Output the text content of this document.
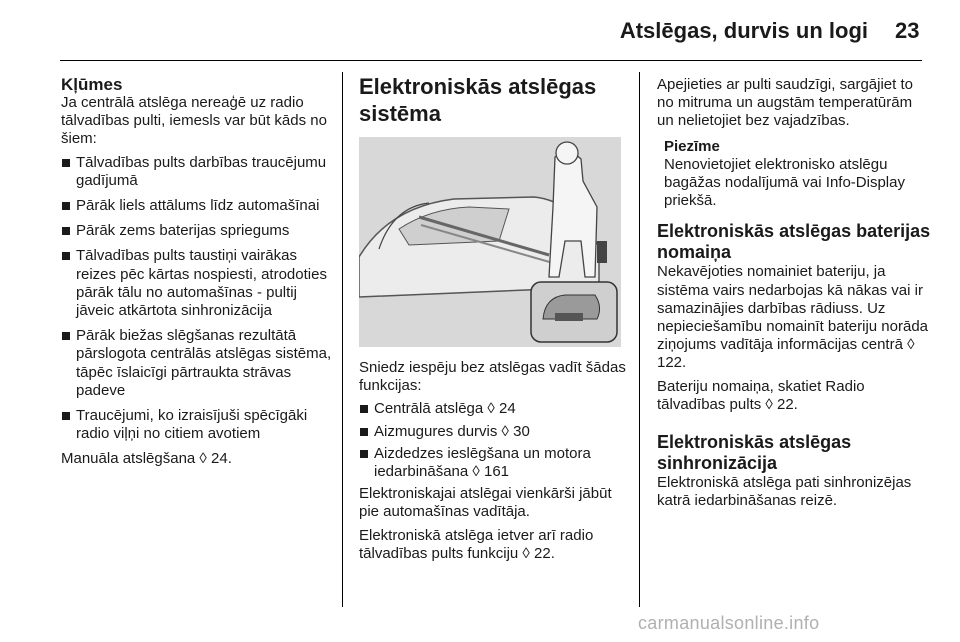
Atslēgas, durvis un logi 23
Kļūmes

Ja centrālā atslēga nereaģē uz radio tālvadības pulti, iemesls var būt kāds no šiem:

Tālvadības pults darbības traucējumu gadījumā
Pārāk liels attālums līdz automašīnai
Pārāk zems baterijas spriegums
Tālvadības pults taustiņi vairākas reizes pēc kārtas nospiesti, atrodoties pārāk tālu no automašīnas - pultij jāveic atkārtota sinhronizācija
Pārāk biežas slēgšanas rezultātā pārslogota centrālās atslēgas sistēma, tāpēc īslaicīgi pārtraukta strāvas padeve
Traucējumi, ko izraisījuši spēcīgāki radio viļņi no citiem avotiem

Manuāla atslēgšana ◊ 24.

Elektroniskās atslēgas sistēma

Sniedz iespēju bez atslēgas vadīt šādas funkcijas:

Centrālā atslēga ◊ 24
Aizmugures durvis ◊ 30
Aizdedzes ieslēgšana un motora iedarbināšana ◊ 161

Elektroniskajai atslēgai vienkārši jābūt pie automašīnas vadītāja.

Elektroniskā atslēga ietver arī radio tālvadības pults funkciju ◊ 22.

Apejieties ar pulti saudzīgi, sargājiet to no mitruma un augstām temperatūrām un nelietojiet bez vajadzības.

Piezīme

Nenovietojiet elektronisko atslēgu bagāžas nodalījumā vai Info-Display priekšā.

Elektroniskās atslēgas baterijas nomaiņa

Nekavējoties nomainiet bateriju, ja sistēma vairs nedarbojas kā nākas vai ir samazinājies darbības rādiuss. Uz nepieciešamību nomainīt bateriju norāda ziņojums vadītāja informācijas centrā ◊ 122.

Bateriju nomaiņa, skatiet Radio tālvadības pults ◊ 22.

Elektroniskās atslēgas sinhronizācija

Elektroniskā atslēga pati sinhronizējas katrā iedarbināšanas reizē.

carmanualsonline.info
